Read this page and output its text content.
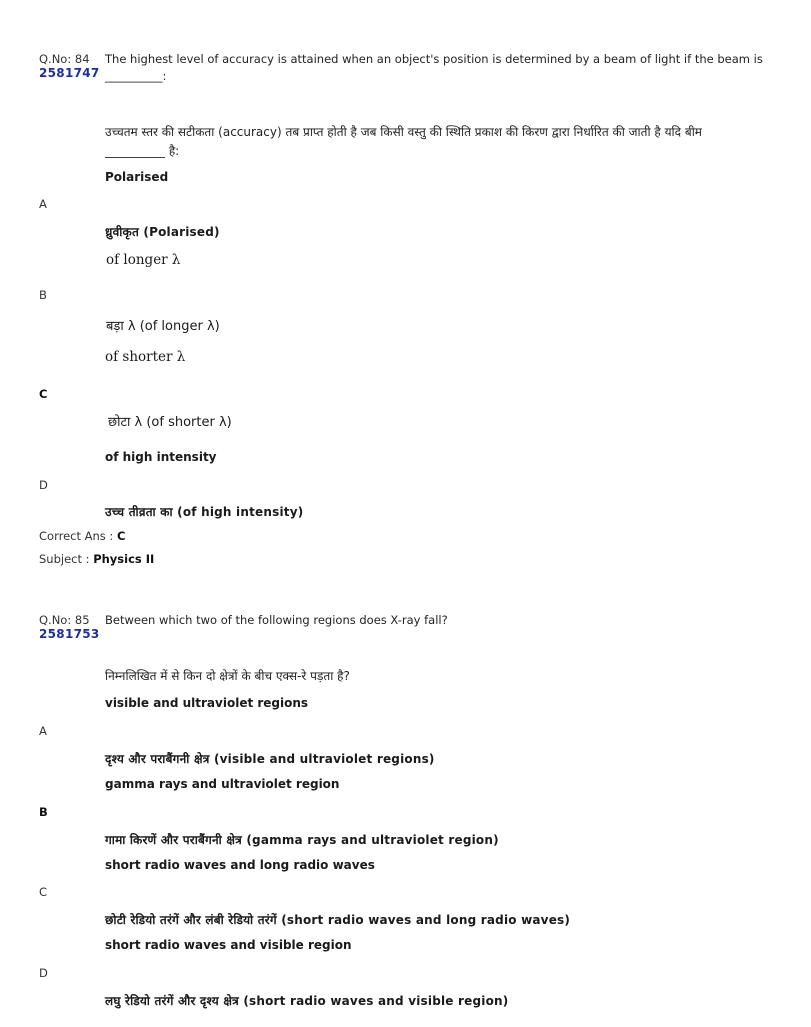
Q.No: 84
2581747
The highest level of accuracy is attained when an object's position is determined by a beam of light if the beam is
__________:
उच्चतम स्तर की सटीकता (accuracy) तब प्राप्त होती है जब किसी वस्तु की स्थिति प्रकाश की किरण द्वारा निर्धारित की जाती है यदि बीम
__________ है:
Polarised
A
ध्रुवीकृत (Polarised)
of longer λ
B
बड़ा λ (of longer λ)
of shorter λ
C
छोटा λ (of shorter λ)
of high intensity
D
उच्च तीव्रता का (of high intensity)
Correct Ans : C
Subject : Physics II
Q.No: 85
2581753
Between which two of the following regions does X-ray fall?
निम्नलिखित में से किन दो क्षेत्रों के बीच एक्स-रे पड़ता है?
visible and ultraviolet regions
A
दृश्य और पराबैंगनी क्षेत्र (visible and ultraviolet regions)
gamma rays and ultraviolet region
B
गामा किरणें और पराबैंगनी क्षेत्र (gamma rays and ultraviolet region)
short radio waves and long radio waves
C
छोटी रेडियो तरंगें और लंबी रेडियो तरंगें (short radio waves and long radio waves)
short radio waves and visible region
D
लघु रेडियो तरंगें और दृश्य क्षेत्र (short radio waves and visible region)
